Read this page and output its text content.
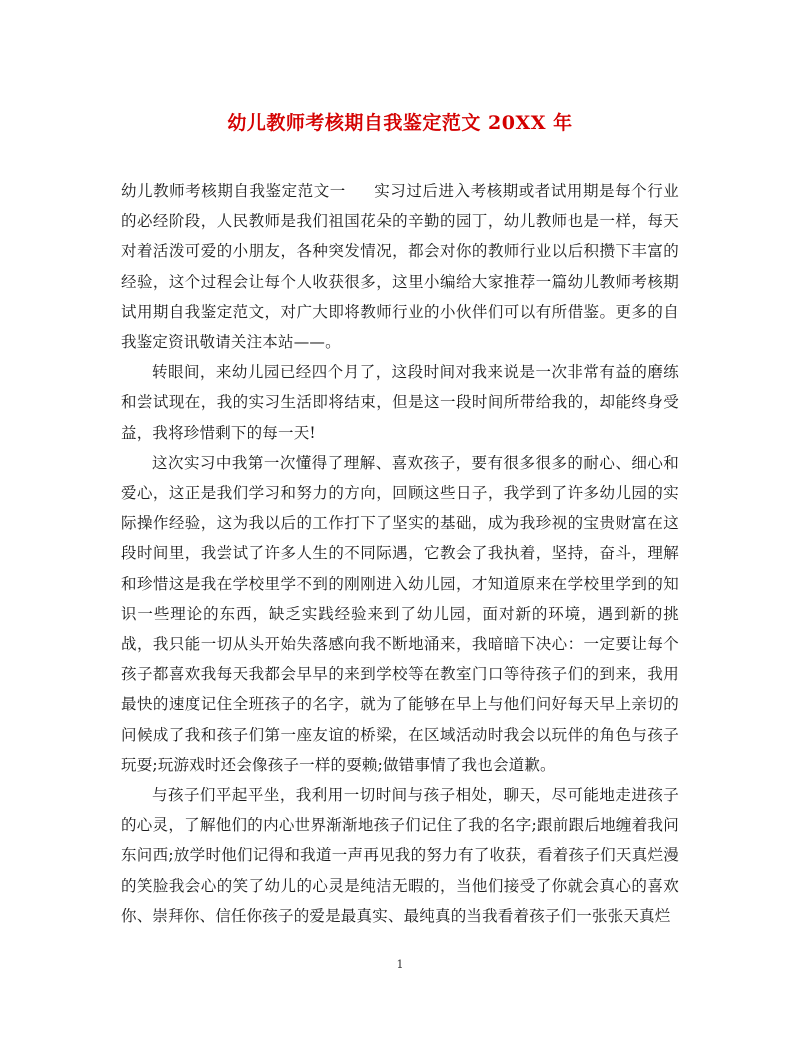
幼儿教师考核期自我鉴定范文 20XX 年

幼儿教师考核期自我鉴定范文一 实习过后进入考核期或者试用期是每个行业的必经阶段，人民教师是我们祖国花朵的辛勤的园丁，幼儿教师也是一样，每天对着活泼可爱的小朋友，各种突发情况，都会对你的教师行业以后积攒下丰富的经验，这个过程会让每个人收获很多，这里小编给大家推荐一篇幼儿教师考核期试用期自我鉴定范文，对广大即将教师行业的小伙伴们可以有所借鉴。更多的自我鉴定资讯敬请关注本站——。

转眼间，来幼儿园已经四个月了，这段时间对我来说是一次非常有益的磨练和尝试现在，我的实习生活即将结束，但是这一段时间所带给我的，却能终身受益，我将珍惜剩下的每一天!

这次实习中我第一次懂得了理解、喜欢孩子，要有很多很多的耐心、细心和爱心，这正是我们学习和努力的方向，回顾这些日子，我学到了许多幼儿园的实际操作经验，这为我以后的工作打下了坚实的基础，成为我珍视的宝贵财富在这段时间里，我尝试了许多人生的不同际遇，它教会了我执着，坚持，奋斗，理解和珍惜这是我在学校里学不到的刚刚进入幼儿园，才知道原来在学校里学到的知识一些理论的东西，缺乏实践经验来到了幼儿园，面对新的环境，遇到新的挑战，我只能一切从头开始失落感向我不断地涌来，我暗暗下决心：一定要让每个孩子都喜欢我每天我都会早早的来到学校等在教室门口等待孩子们的到来，我用最快的速度记住全班孩子的名字，就为了能够在早上与他们问好每天早上亲切的问候成了我和孩子们第一座友谊的桥梁，在区域活动时我会以玩伴的角色与孩子玩耍;玩游戏时还会像孩子一样的耍赖;做错事情了我也会道歉。

与孩子们平起平坐，我利用一切时间与孩子相处，聊天，尽可能地走进孩子的心灵，了解他们的内心世界渐渐地孩子们记住了我的名字;跟前跟后地缠着我问东问西;放学时他们记得和我道一声再见我的努力有了收获，看着孩子们天真烂漫的笑脸我会心的笑了幼儿的心灵是纯洁无暇的，当他们接受了你就会真心的喜欢你、崇拜你、信任你孩子的爱是最真实、最纯真的当我看着孩子们一张张天真烂

1
